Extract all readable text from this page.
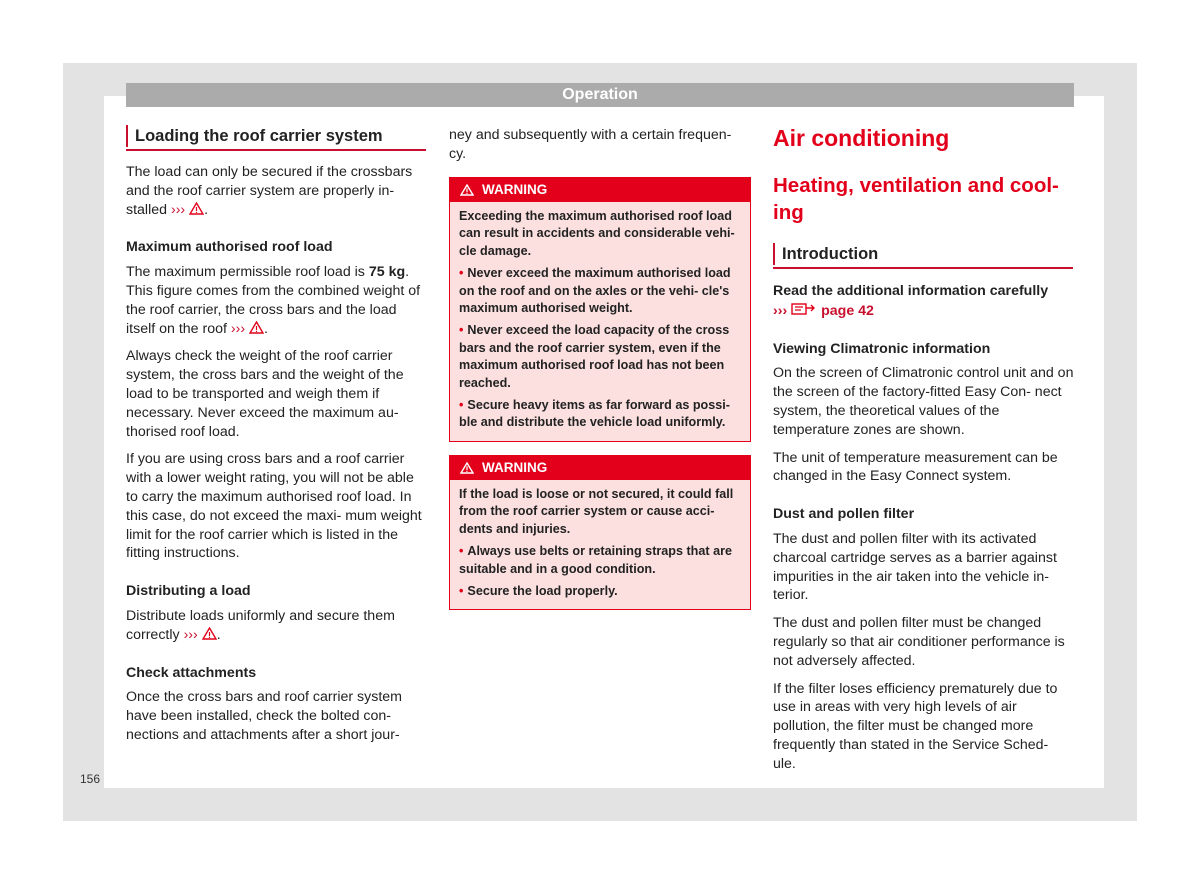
Operation
Loading the roof carrier system

The load can only be secured if the crossbars and the roof carrier system are properly in- stalled ››› .

Maximum authorised roof load

The maximum permissible roof load is 75 kg. This figure comes from the combined weight of the roof carrier, the cross bars and the load itself on the roof ››› .

Always check the weight of the roof carrier system, the cross bars and the weight of the load to be transported and weigh them if necessary. Never exceed the maximum au- thorised roof load.

If you are using cross bars and a roof carrier with a lower weight rating, you will not be able to carry the maximum authorised roof load. In this case, do not exceed the maxi- mum weight limit for the roof carrier which is listed in the fitting instructions.

Distributing a load

Distribute loads uniformly and secure them correctly ››› .

Check attachments

Once the cross bars and roof carrier system have been installed, check the bolted con- nections and attachments after a short jour-

ney and subsequently with a certain frequen- cy.

WARNING

Exceeding the maximum authorised roof load can result in accidents and considerable vehi- cle damage.

• Never exceed the maximum authorised load on the roof and on the axles or the vehi- cle's maximum authorised weight.

• Never exceed the load capacity of the cross bars and the roof carrier system, even if the maximum authorised roof load has not been reached.

• Secure heavy items as far forward as possi- ble and distribute the vehicle load uniformly.

WARNING

If the load is loose or not secured, it could fall from the roof carrier system or cause acci- dents and injuries.

• Always use belts or retaining straps that are suitable and in a good condition.

• Secure the load properly.

Air conditioning
Heating, ventilation and cool- ing
Introduction

Read the additional information carefully

››› page 42

Viewing Climatronic information

On the screen of Climatronic control unit and on the screen of the factory-fitted Easy Con- nect system, the theoretical values of the temperature zones are shown.

The unit of temperature measurement can be changed in the Easy Connect system.

Dust and pollen filter

The dust and pollen filter with its activated charcoal cartridge serves as a barrier against impurities in the air taken into the vehicle in- terior.

The dust and pollen filter must be changed regularly so that air conditioner performance is not adversely affected.

If the filter loses efficiency prematurely due to use in areas with very high levels of air pollution, the filter must be changed more frequently than stated in the Service Sched- ule.

156
